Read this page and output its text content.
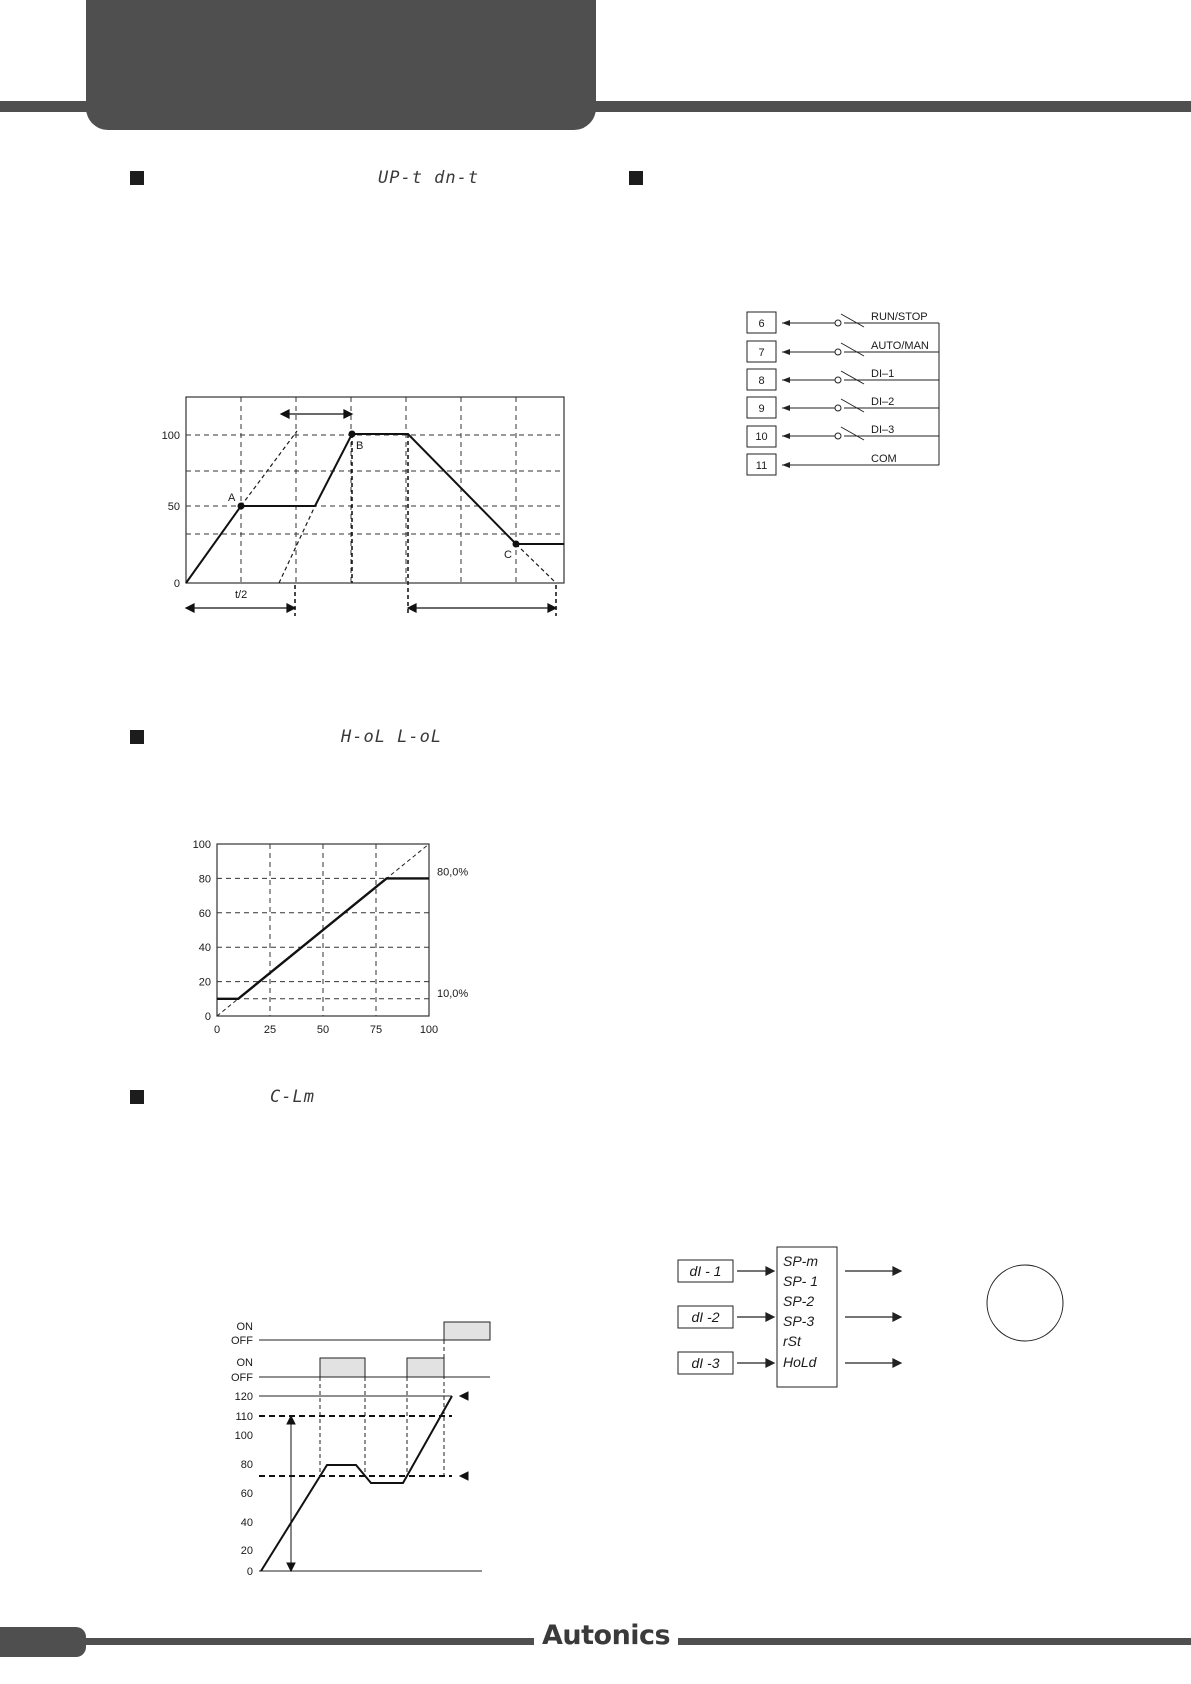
UP-t dn-t
H-oL L-oL
C-Lm
100
50
0
A
B
C
t/2
6
7
8
9
10
11
RUN/STOP
AUTO/MAN
DI–1
DI–2
DI–3
COM
0
20
40
60
80
100
0	25	50	75	100
80,0%
10,0%
ON
OFF
ON
OFF
120
110
100
80
60
40
20
0
dI - 1
dI -2
dI -3
SP-m
SP- 1
SP-2
SP-3
rSt
HoLd
Autonics
